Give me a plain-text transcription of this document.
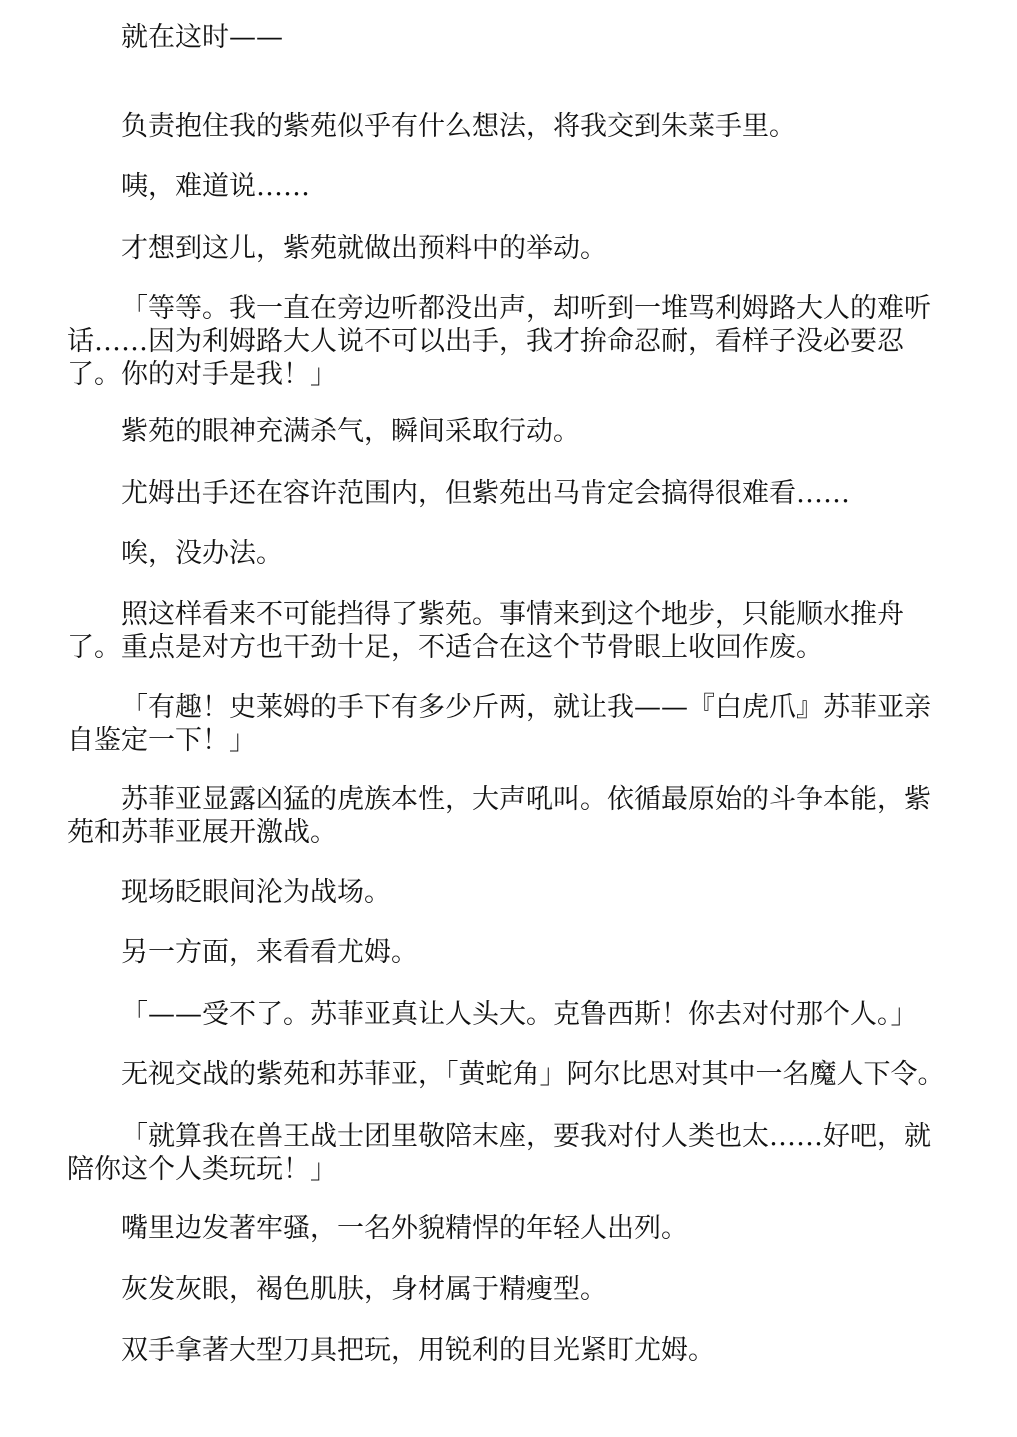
就在这时——

负责抱住我的紫苑似乎有什么想法，将我交到朱菜手里。

咦，难道说……

才想到这儿，紫苑就做出预料中的举动。

「等等。我一直在旁边听都没出声，却听到一堆骂利姆路大人的难听话……因为利姆路大人说不可以出手，我才拚命忍耐，看样子没必要忍了。你的对手是我！」

紫苑的眼神充满杀气，瞬间采取行动。

尤姆出手还在容许范围内，但紫苑出马肯定会搞得很难看……

唉，没办法。

照这样看来不可能挡得了紫苑。事情来到这个地步，只能顺水推舟了。重点是对方也干劲十足，不适合在这个节骨眼上收回作废。

「有趣！史莱姆的手下有多少斤两，就让我——『白虎爪』苏菲亚亲自鉴定一下！」

苏菲亚显露凶猛的虎族本性，大声吼叫。依循最原始的斗争本能，紫苑和苏菲亚展开激战。

现场眨眼间沦为战场。

另一方面，来看看尤姆。

「——受不了。苏菲亚真让人头大。克鲁西斯！你去对付那个人。」

无视交战的紫苑和苏菲亚，「黄蛇角」阿尔比思对其中一名魔人下令。

「就算我在兽王战士团里敬陪末座，要我对付人类也太……好吧，就陪你这个人类玩玩！」

嘴里边发著牢骚，一名外貌精悍的年轻人出列。

灰发灰眼，褐色肌肤，身材属于精瘦型。

双手拿著大型刀具把玩，用锐利的目光紧盯尤姆。
